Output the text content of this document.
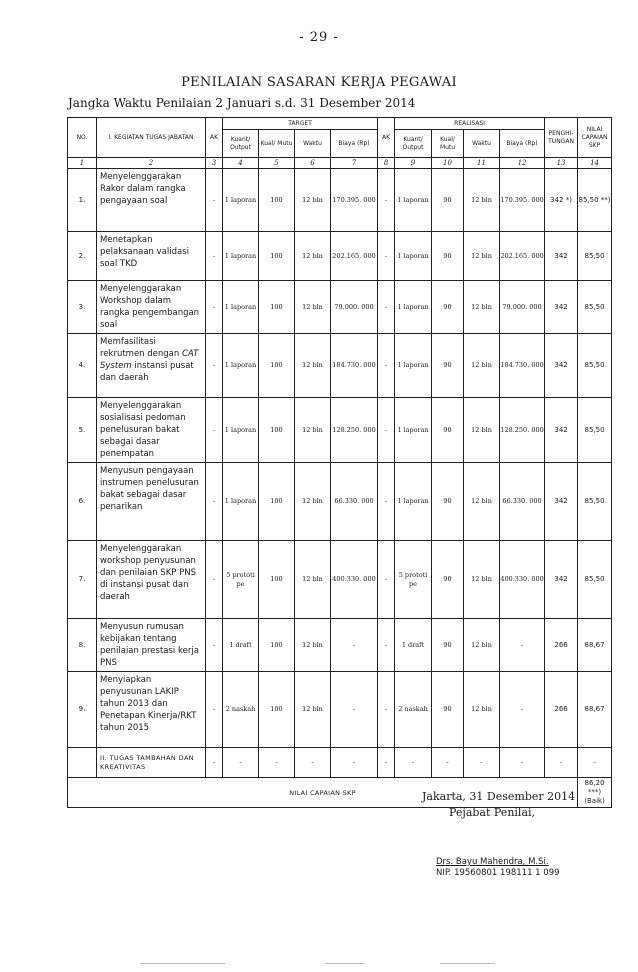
- 29 -
PENILAIAN SASARAN KERJA PEGAWAI
Jangka Waktu Penilaian 2 Januari s.d. 31 Desember 2014
NO.	I. KEGIATAN TUGAS JABATAN	AK	TARGET				AK	REALISASI				PENGHI-TUNGAN	NILAI CAPAIAN SKP
			Kuant/ Output	Kual/ Mutu	Waktu	Biaya (Rp)		Kuant/ Output	Kual/ Mutu	Waktu	Biaya (Rp)		
1	2	3	4	5	6	7	8	9	10	11	12	13	14
1.	Menyelenggarakan Rakor dalam rangka pengayaan soal	-	1 laporan	100	12 bln	170.395. 000	-	1 laporan	90	12 bln	170.395. 000	342 *)	85,50 **)
2.	Menetapkan pelaksanaan validasi soal TKD	-	1 laporan	100	12 bln	202.165. 000	-	1 laporan	90	12 bln	202.165. 000	342	85,50
3.	Menyelenggarakan Workshop dalam rangka pengembangan soal	-	1 laporan	100	12 bln	79.000. 000	-	1 laporan	90	12 bln	79.000. 000	342	85,50
4.	Memfasilitasi rekrutmen dengan CAT System instansi pusat dan daerah	-	1 laporan	100	12 bln	184.730. 000	-	1 laporan	90	12 bln	184.730. 000	342	85,50
5.	Menyelenggarakan sosialisasi pedoman penelusuran bakat sebagai dasar penempatan	-	1 laporan	100	12 bln	128.250. 000	-	1 laporan	90	12 bln	128.250. 000	342	85,50
6.	Menyusun pengayaan instrumen penelusuran bakat sebagai dasar penarikan	-	1 laporan	100	12 bln	66.330. 000	-	1 laporan	90	12 bln	66.330. 000	342	85,50
7.	Menyelenggarakan workshop penyusunan dan penilaian SKP PNS di instansi pusat dan daerah	-	5 prototi pe	100	12 bln	400.330. 000	-	5 prototi pe	90	12 bln	400.330. 000	342	85,50
8.	Menyusun rumusan kebijakan tentang penilaian prestasi kerja PNS	-	1 draft	100	12 bln	-	-	1 draft	90	12 bln	-	266	88,67
9.	Menyiapkan penyusunan LAKIP tahun 2013 dan Penetapan Kinerja/RKT tahun 2015	-	2 naskah	100	12 bln	-	-	2 naskah	90	12 bln	-	266	88,67
	II. TUGAS TAMBAHAN DAN KREATIVITAS	-	-	-	-	-	-	-	-	-	-	-	-
NILAI CAPAIAN SKP													86,20 ***)
(Baik)
Jakarta, 31 Desember 2014
Pejabat Penilai,
Drs. Bayu Mahendra, M.Si.
NIP. 19560801 198111 1 099
